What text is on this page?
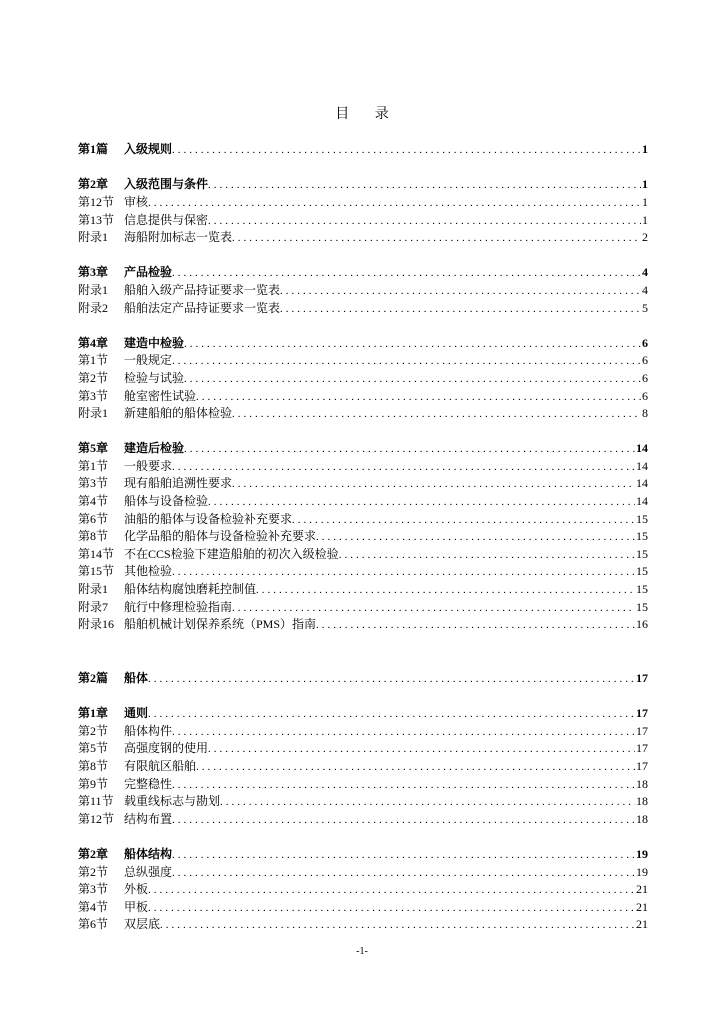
目 录
第1篇	入级规则 .....	1
第2章	入级范围与条件 .....	1
第12节 审核 .....	1
第13节 信息提供与保密 .....	1
附录1	海船附加标志一览表 .....	2
第3章	产品检验 .....	4
附录1	船舶入级产品持证要求一览表 .....	4
附录2	船舶法定产品持证要求一览表 .....	5
第4章	建造中检验 .....	6
第1节	一般规定 .....	6
第2节	检验与试验 .....	6
第3节	舱室密性试验 .....	6
附录1	新建船舶的船体检验 .....	8
第5章	建造后检验 .....	14
第1节	一般要求 .....	14
第3节	现有船舶追溯性要求 .....	14
第4节	船体与设备检验 .....	14
第6节	油船的船体与设备检验补充要求 .....	15
第8节	化学品船的船体与设备检验补充要求 .....	15
第14节 不在CCS检验下建造船舶的初次入级检验 .....	15
第15节 其他检验 .....	15
附录1	船体结构腐蚀磨耗控制值 .....	15
附录7	航行中修理检验指南 .....	15
附录16 船舶机械计划保养系统（PMS）指南 .....	16
第2篇	船体 .....	17
第1章	通则 .....	17
第2节	船体构件 .....	17
第5节	高强度钢的使用 .....	17
第8节	有限航区船舶 .....	17
第9节	完整稳性 .....	18
第11节 载重线标志与勘划 .....	18
第12节 结构布置 .....	18
第2章	船体结构 .....	19
第2节	总纵强度 .....	19
第3节	外板 .....	21
第4节	甲板 .....	21
第6节	双层底 .....	21
-1-
